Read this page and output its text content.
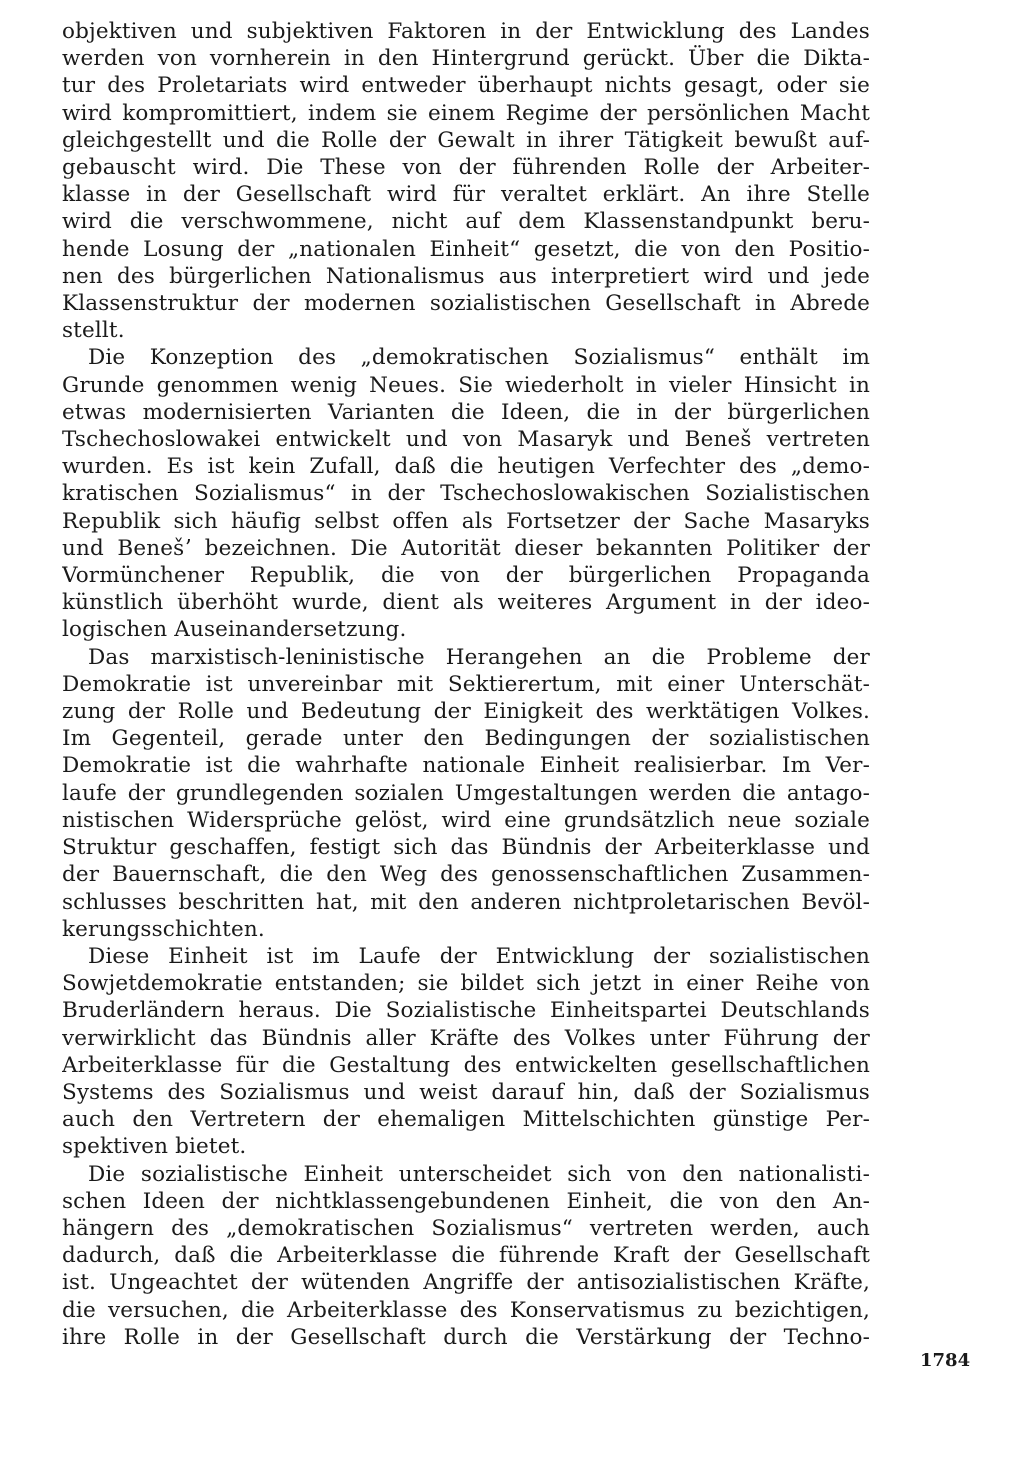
objektiven und subjektiven Faktoren in der Entwicklung des Landes
werden von vornherein in den Hintergrund gerückt. Über die Dikta-
tur des Proletariats wird entweder überhaupt nichts gesagt, oder sie
wird kompromittiert, indem sie einem Regime der persönlichen Macht
gleichgestellt und die Rolle der Gewalt in ihrer Tätigkeit bewußt auf-
gebauscht wird. Die These von der führenden Rolle der Arbeiter-
klasse in der Gesellschaft wird für veraltet erklärt. An ihre Stelle
wird die verschwommene, nicht auf dem Klassenstandpunkt beru-
hende Losung der „nationalen Einheit“ gesetzt, die von den Positio-
nen des bürgerlichen Nationalismus aus interpretiert wird und jede
Klassenstruktur der modernen sozialistischen Gesellschaft in Abrede
stellt.

Die Konzeption des „demokratischen Sozialismus“ enthält im
Grunde genommen wenig Neues. Sie wiederholt in vieler Hinsicht in
etwas modernisierten Varianten die Ideen, die in der bürgerlichen
Tschechoslowakei entwickelt und von Masaryk und Beneš vertreten
wurden. Es ist kein Zufall, daß die heutigen Verfechter des „demo-
kratischen Sozialismus“ in der Tschechoslowakischen Sozialistischen
Republik sich häufig selbst offen als Fortsetzer der Sache Masaryks
und Benešʼ bezeichnen. Die Autorität dieser bekannten Politiker der
Vormünchener Republik, die von der bürgerlichen Propaganda
künstlich überhöht wurde, dient als weiteres Argument in der ideo-
logischen Auseinandersetzung.

Das marxistisch-leninistische Herangehen an die Probleme der
Demokratie ist unvereinbar mit Sektierertum, mit einer Unterschät-
zung der Rolle und Bedeutung der Einigkeit des werktätigen Volkes.
Im Gegenteil, gerade unter den Bedingungen der sozialistischen
Demokratie ist die wahrhafte nationale Einheit realisierbar. Im Ver-
laufe der grundlegenden sozialen Umgestaltungen werden die antago-
nistischen Widersprüche gelöst, wird eine grundsätzlich neue soziale
Struktur geschaffen, festigt sich das Bündnis der Arbeiterklasse und
der Bauernschaft, die den Weg des genossenschaftlichen Zusammen-
schlusses beschritten hat, mit den anderen nichtproletarischen Bevöl-
kerungsschichten.

Diese Einheit ist im Laufe der Entwicklung der sozialistischen
Sowjetdemokratie entstanden; sie bildet sich jetzt in einer Reihe von
Bruderländern heraus. Die Sozialistische Einheitspartei Deutschlands
verwirklicht das Bündnis aller Kräfte des Volkes unter Führung der
Arbeiterklasse für die Gestaltung des entwickelten gesellschaftlichen
Systems des Sozialismus und weist darauf hin, daß der Sozialismus
auch den Vertretern der ehemaligen Mittelschichten günstige Per-
spektiven bietet.

Die sozialistische Einheit unterscheidet sich von den nationalisti-
schen Ideen der nichtklassengebundenen Einheit, die von den An-
hängern des „demokratischen Sozialismus“ vertreten werden, auch
dadurch, daß die Arbeiterklasse die führende Kraft der Gesellschaft
ist. Ungeachtet der wütenden Angriffe der antisozialistischen Kräfte,
die versuchen, die Arbeiterklasse des Konservatismus zu bezichtigen,
ihre Rolle in der Gesellschaft durch die Verstärkung der Techno-

1784
